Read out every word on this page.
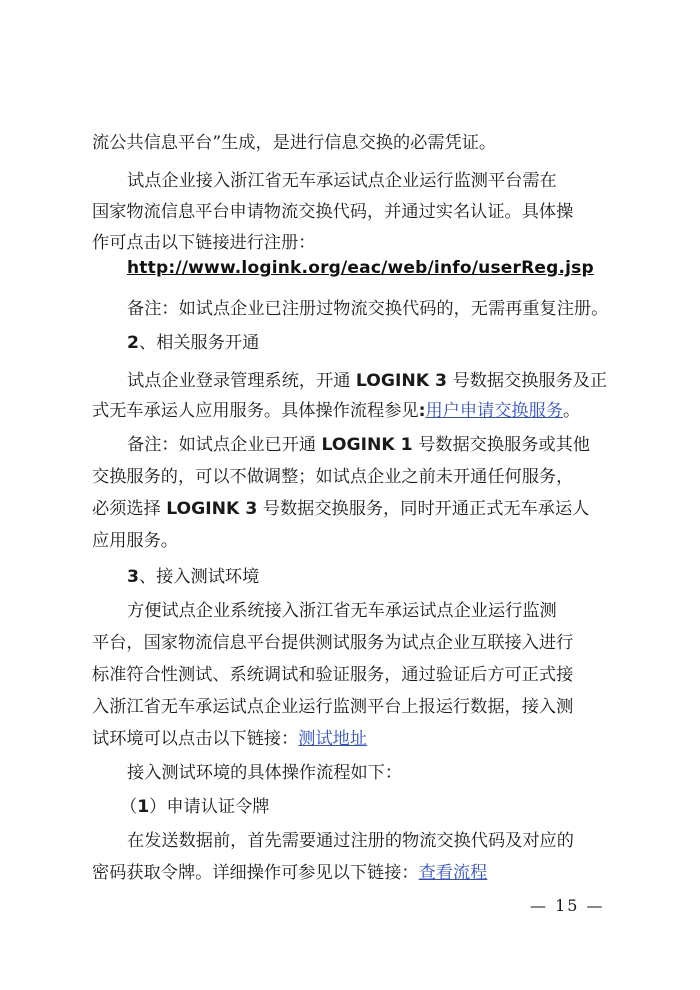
流公共信息平台”生成，是进行信息交换的必需凭证。
试点企业接入浙江省无车承运试点企业运行监测平台需在
国家物流信息平台申请物流交换代码，并通过实名认证。具体操
作可点击以下链接进行注册：
http://www.logink.org/eac/web/info/userReg.jsp
备注：如试点企业已注册过物流交换代码的，无需再重复注册。
2、相关服务开通
试点企业登录管理系统，开通 LOGINK 3 号数据交换服务及正
式无车承运人应用服务。具体操作流程参见:用户申请交换服务。
备注：如试点企业已开通 LOGINK 1 号数据交换服务或其他
交换服务的，可以不做调整；如试点企业之前未开通任何服务，
必须选择 LOGINK 3 号数据交换服务，同时开通正式无车承运人
应用服务。
3、接入测试环境
方便试点企业系统接入浙江省无车承运试点企业运行监测
平台，国家物流信息平台提供测试服务为试点企业互联接入进行
标准符合性测试、系统调试和验证服务，通过验证后方可正式接
入浙江省无车承运试点企业运行监测平台上报运行数据，接入测
试环境可以点击以下链接：测试地址
接入测试环境的具体操作流程如下：
（1）申请认证令牌
在发送数据前，首先需要通过注册的物流交换代码及对应的
密码获取令牌。详细操作可参见以下链接：查看流程
— 15 —
